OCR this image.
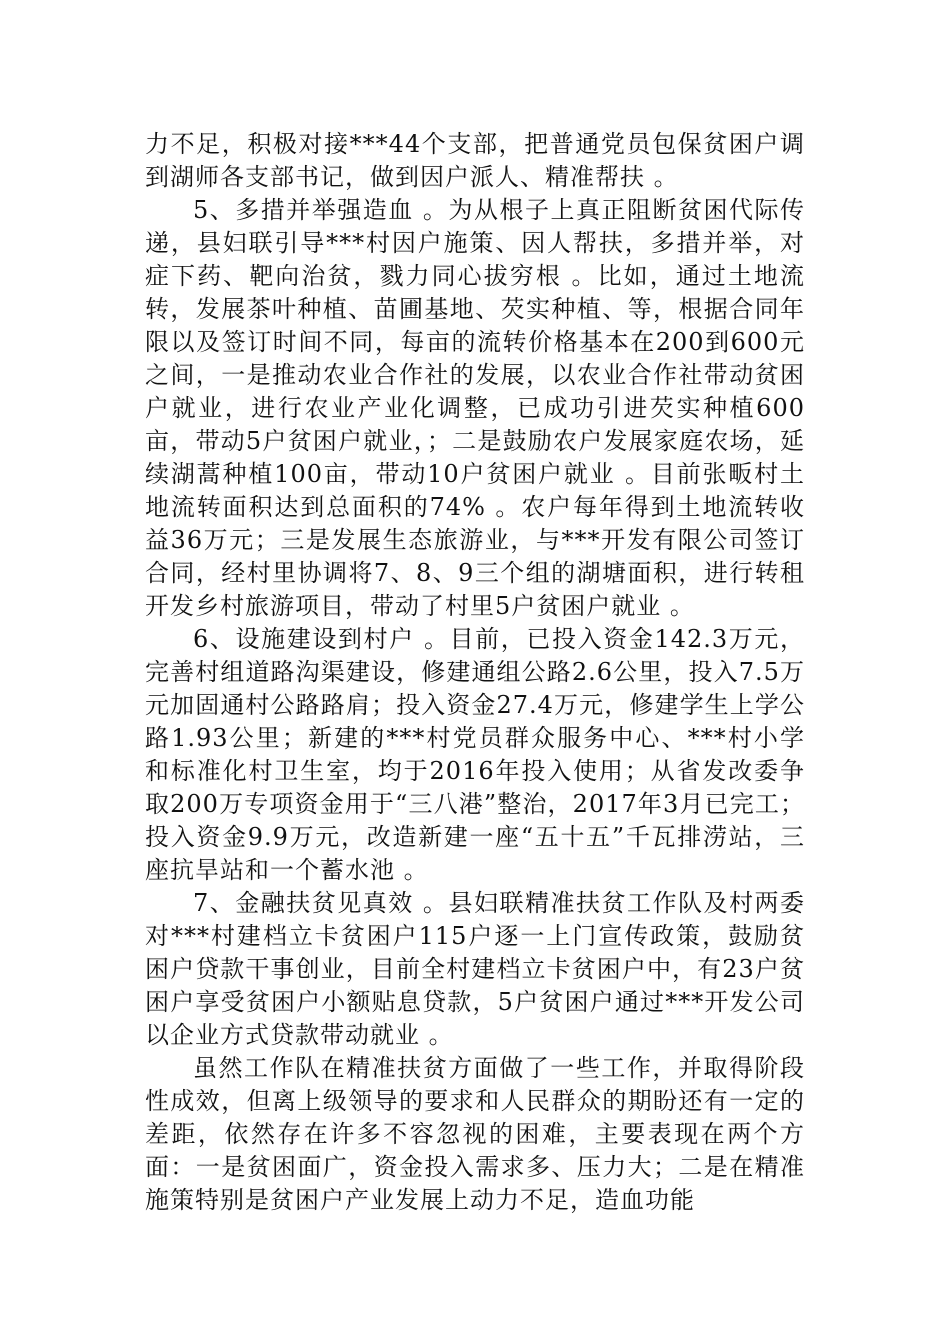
力不足，积极对接***44个支部，把普通党员包保贫困户调到湖师各支部书记，做到因户派人、精准帮扶 。

5、多措并举强造血 。为从根子上真正阻断贫困代际传递，县妇联引导***村因户施策、因人帮扶，多措并举，对症下药、靶向治贫，戮力同心拔穷根 。比如，通过土地流转，发展茶叶种植、苗圃基地、芡实种植、等，根据合同年限以及签订时间不同，每亩的流转价格基本在200到600元之间，一是推动农业合作社的发展，以农业合作社带动贫困户就业，进行农业产业化调整，已成功引进芡实种植600亩，带动5户贫困户就业，；二是鼓励农户发展家庭农场，延续湖蒿种植100亩，带动10户贫困户就业 。目前张畈村土地流转面积达到总面积的74% 。农户每年得到土地流转收益36万元；三是发展生态旅游业，与***开发有限公司签订合同，经村里协调将7、8、9三个组的湖塘面积，进行转租开发乡村旅游项目，带动了村里5户贫困户就业 。

6、设施建设到村户 。目前，已投入资金142.3万元，完善村组道路沟渠建设，修建通组公路2.6公里，投入7.5万元加固通村公路路肩；投入资金27.4万元，修建学生上学公路1.93公里；新建的***村党员群众服务中心、***村小学和标准化村卫生室，均于2016年投入使用；从省发改委争取200万专项资金用于“三八港”整治，2017年3月已完工；投入资金9.9万元，改造新建一座“五十五”千瓦排涝站，三座抗旱站和一个蓄水池 。

7、金融扶贫见真效 。县妇联精准扶贫工作队及村两委对***村建档立卡贫困户115户逐一上门宣传政策，鼓励贫困户贷款干事创业，目前全村建档立卡贫困户中，有23户贫困户享受贫困户小额贴息贷款，5户贫困户通过***开发公司以企业方式贷款带动就业 。

虽然工作队在精准扶贫方面做了一些工作，并取得阶段性成效，但离上级领导的要求和人民群众的期盼还有一定的差距，依然存在许多不容忽视的困难，主要表现在两个方面：一是贫困面广，资金投入需求多、压力大；二是在精准施策特别是贫困户产业发展上动力不足，造血功能
